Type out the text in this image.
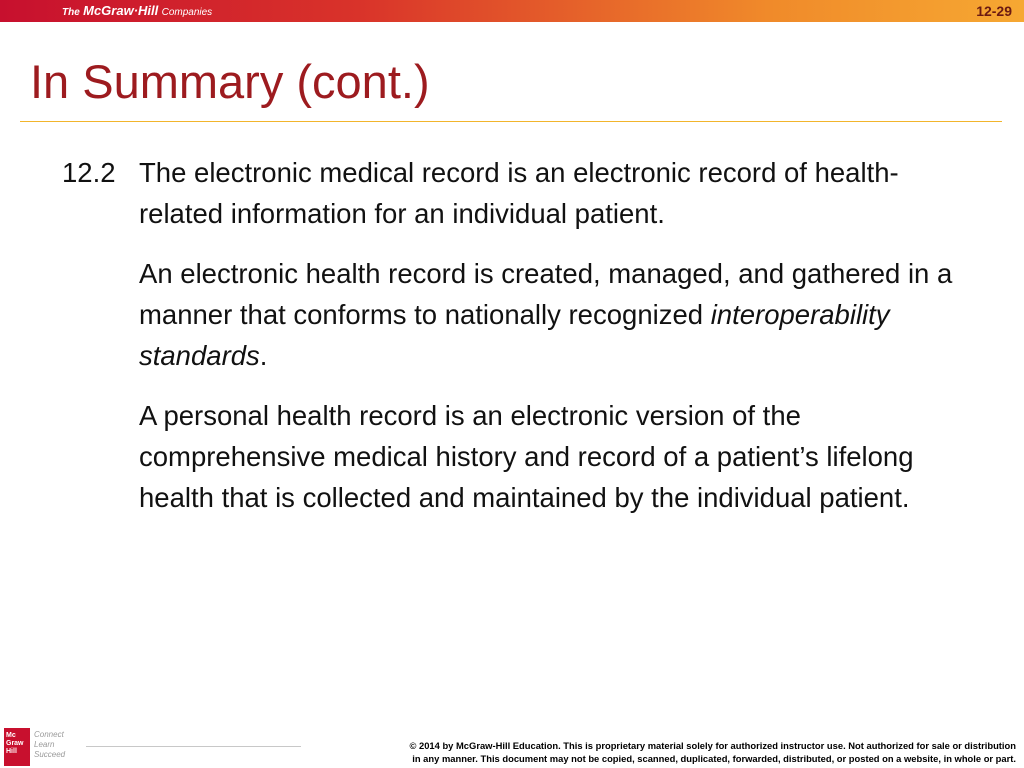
The McGraw·Hill Companies	12-29
In Summary (cont.)
12.2 The electronic medical record is an electronic record of health-related information for an individual patient.

An electronic health record is created, managed, and gathered in a manner that conforms to nationally recognized interoperability standards.

A personal health record is an electronic version of the comprehensive medical history and record of a patient’s lifelong health that is collected and maintained by the individual patient.

Mc
Graw
Hill
Connect
Learn
Succeed
© 2014 by McGraw-Hill Education. This is proprietary material solely for authorized instructor use. Not authorized for sale or distribution
in any manner. This document may not be copied, scanned, duplicated, forwarded, distributed, or posted on a website, in whole or part.
